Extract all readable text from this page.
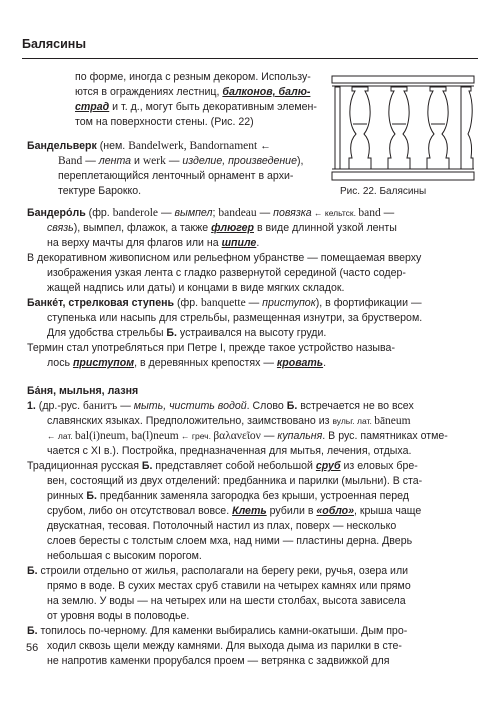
Балясины
Рис. 22. Балясины

по форме, иногда с резным декором. Использу-

ются в ограждениях лестниц, балконов, балю-

страд и т. д., могут быть декоративным элемен-

том на поверхности стены. (Рис. 22)

Бандельверк (нем. Bandelwerk, Bandornament ←

Band — лента и werk — изделие, произведение),

переплетающийся ленточный орнамент в архи-

тектуре Барокко.

Бандеро́ль (фр. banderole — вымпел; bandeau — повязка ← кельтск. band —

связь), вымпел, флажок, а также флюгер в виде длинной узкой ленты

на верху мачты для флагов или на шпиле.

В декоративном живописном или рельефном убранстве — помещаемая вверху

изображения узкая лента с гладко развернутой серединой (часто содер-

жащей надпись или даты) и концами в виде мягких складок.

Банке́т, стрелковая ступень (фр. banquette — приступок), в фортификации —

ступенька или насыпь для стрельбы, размещенная изнутри, за бруствером.

Для удобства стрельбы Б. устраивался на высоту груди.

Термин стал употребляться при Петре I, прежде такое устройство называ-

лось приступом, в деревянных крепостях — кровать.

Ба́ня, мыльня, лазня

1. (др.-рус. банитъ — мыть, чистить водой. Слово Б. встречается не во всех

славянских языках. Предположительно, заимствовано из вульг. лат. bāneum

← лат. bal(i)neum, ba(l)neum ← греч. βαλανεῖον — купальня. В рус. памятниках отме-

чается с XI в.). Постройка, предназначенная для мытья, лечения, отдыха.

Традиционная русская Б. представляет собой небольшой сруб из еловых бре-

вен, состоящий из двух отделений: предбанника и парилки (мыльни). В ста-

ринных Б. предбанник заменяла загородка без крыши, устроенная перед

срубом, либо он отсутствовал вовсе. Клеть рубили в «обло», крыша чаще

двускатная, тесовая. Потолочный настил из плах, поверх — несколько

слоев бересты с толстым слоем мха, над ними — пластины дерна. Дверь

небольшая с высоким порогом.

Б. строили отдельно от жилья, располагали на берегу реки, ручья, озера или

прямо в воде. В сухих местах сруб ставили на четырех камнях или прямо

на землю. У воды — на четырех или на шести столбах, высота зависела

от уровня воды в половодье.

Б. топилось по-черному. Для каменки выбирались камни-окатыши. Дым про-

ходил сквозь щели между камнями. Для выхода дыма из парилки в сте-

не напротив каменки прорубался проем — ветрянка с задвижкой для

56
